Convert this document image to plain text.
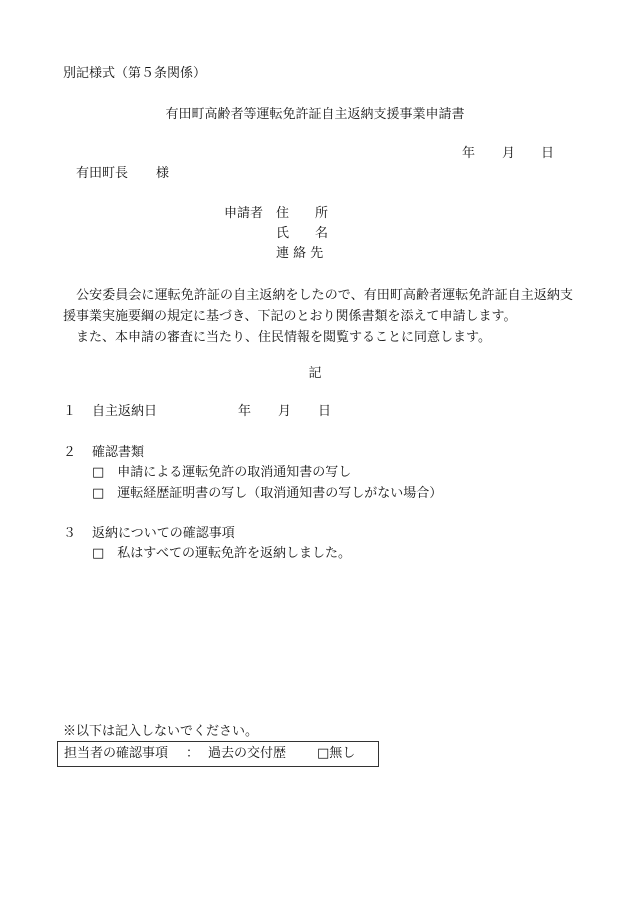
別記様式（第５条関係）
有田町高齢者等運転免許証自主返納支援事業申請書
年 月 日
有田町長 様
申請者 住　　所
氏　　名
連 絡 先
　公安委員会に運転免許証の自主返納をしたので、有田町高齢者運転免許証自主返納支援事業実施要綱の規定に基づき、下記のとおり関係書類を添えて申請します。
　また、本申請の審査に当たり、住民情報を閲覧することに同意します。
記
１ 自主返納日	年 月 日
２ 確認書類
□　申請による運転免許の取消通知書の写し
□　運転経歴証明書の写し（取消通知書の写しがない場合）
３ 返納についての確認事項
□　私はすべての運転免許を返納しました。
※以下は記入しないでください。
担当者の確認事項 ： 過去の交付歴 □無し
